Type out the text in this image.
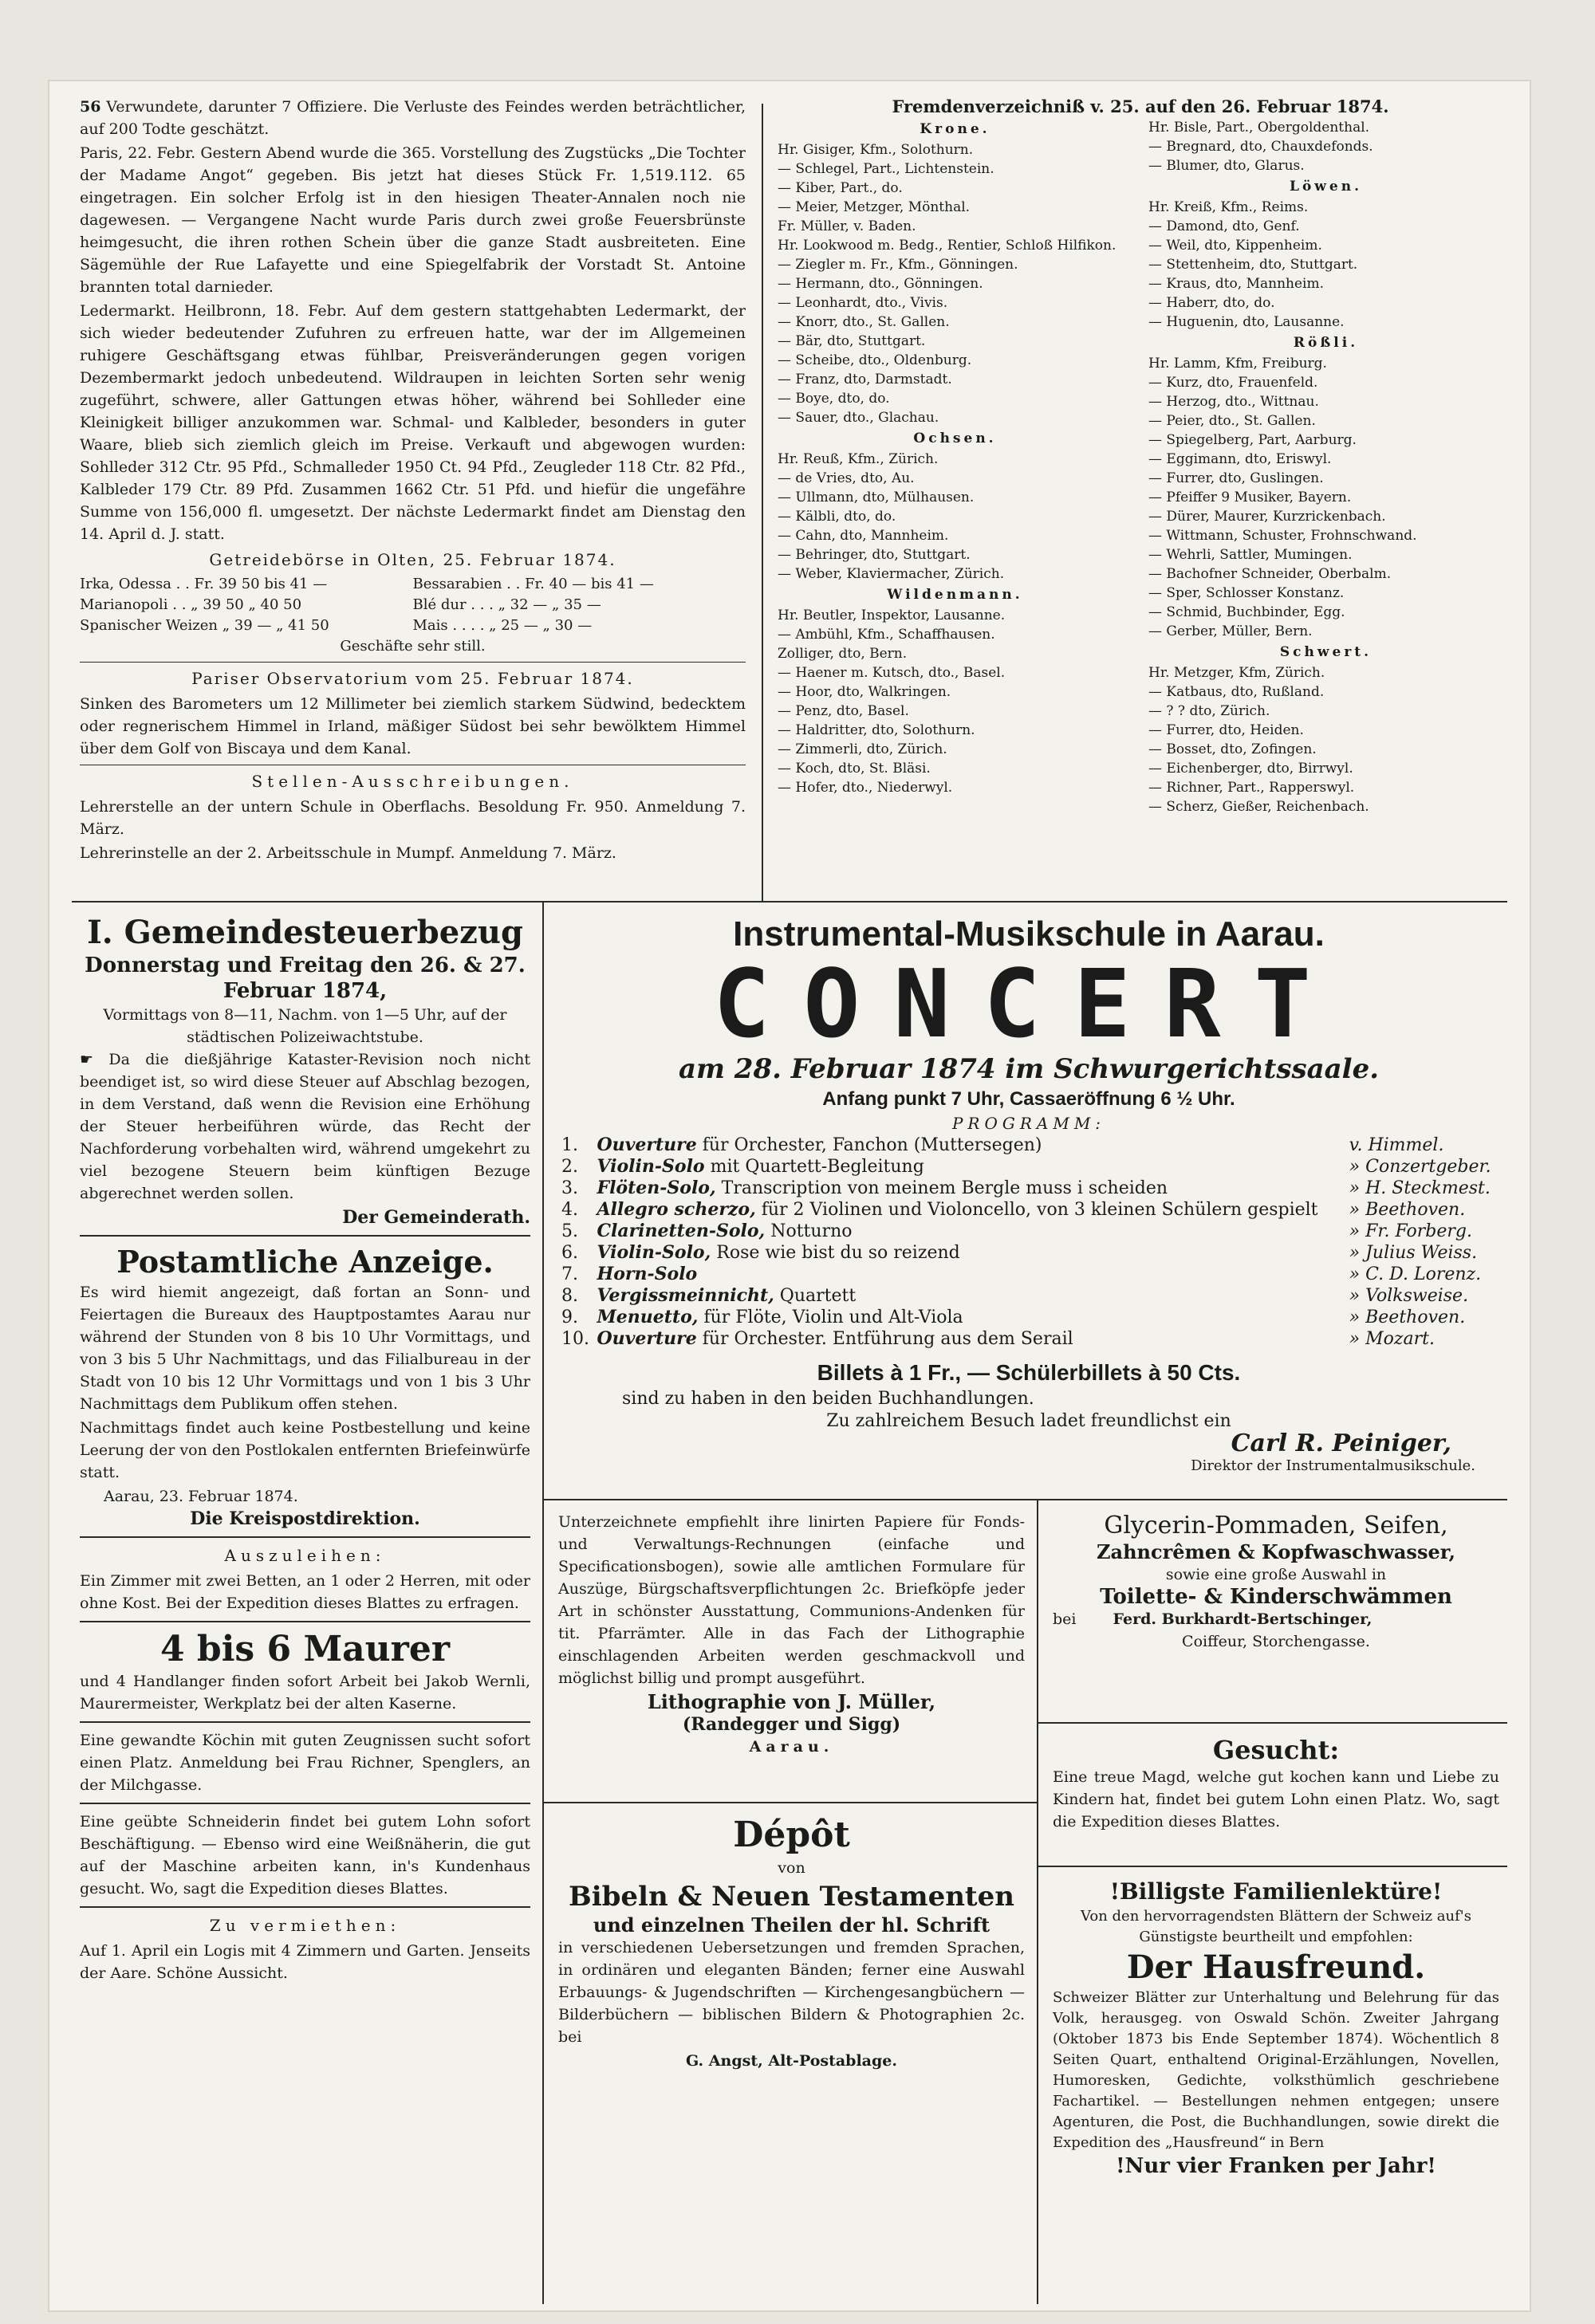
56 Verwundete, darunter 7 Offiziere. Die Verluste des Feindes werden beträchtlicher, auf 200 Todte geschätzt.

Paris, 22. Febr. Gestern Abend wurde die 365. Vorstellung des Zugstücks „Die Tochter der Madame Angot“ gegeben. Bis jetzt hat dieses Stück Fr. 1,519.112. 65 eingetragen. Ein solcher Erfolg ist in den hiesigen Theater-Annalen noch nie dagewesen. — Vergangene Nacht wurde Paris durch zwei große Feuersbrünste heimgesucht, die ihren rothen Schein über die ganze Stadt ausbreiteten. Eine Sägemühle der Rue Lafayette und eine Spiegelfabrik der Vorstadt St. Antoine brannten total darnieder.

Ledermarkt. Heilbronn, 18. Febr. Auf dem gestern stattgehabten Ledermarkt, der sich wieder bedeutender Zufuhren zu erfreuen hatte, war der im Allgemeinen ruhigere Geschäftsgang etwas fühlbar, Preisveränderungen gegen vorigen Dezembermarkt jedoch unbedeutend. Wildraupen in leichten Sorten sehr wenig zugeführt, schwere, aller Gattungen etwas höher, während bei Sohlleder eine Kleinigkeit billiger anzukommen war. Schmal- und Kalbleder, besonders in guter Waare, blieb sich ziemlich gleich im Preise. Verkauft und abgewogen wurden: Sohlleder 312 Ctr. 95 Pfd., Schmalleder 1950 Ct. 94 Pfd., Zeugleder 118 Ctr. 82 Pfd., Kalbleder 179 Ctr. 89 Pfd. Zusammen 1662 Ctr. 51 Pfd. und hiefür die ungefähre Summe von 156,000 fl. umgesetzt. Der nächste Ledermarkt findet am Dienstag den 14. April d. J. statt.

Getreidebörse in Olten, 25. Februar 1874.
Irka, Odessa . . Fr. 39 50 bis 41 —	Bessarabien . . Fr. 40 — bis 41 —
Marianopoli . . „ 39 50 „ 40 50	Blé dur . . . „ 32 — „ 35 —
Spanischer Weizen „ 39 — „ 41 50	Mais . . . . „ 25 — „ 30 —
Geschäfte sehr still.
Pariser Observatorium vom 25. Februar 1874.

Sinken des Barometers um 12 Millimeter bei ziemlich starkem Südwind, bedecktem oder regnerischem Himmel in Irland, mäßiger Südost bei sehr bewölktem Himmel über dem Golf von Biscaya und dem Kanal.

Stellen-Ausschreibungen.

Lehrerstelle an der untern Schule in Oberflachs. Besoldung Fr. 950. Anmeldung 7. März.

Lehrerinstelle an der 2. Arbeitsschule in Mumpf. Anmeldung 7. März.

Fremdenverzeichniß v. 25. auf den 26. Februar 1874.
Krone.
Hr. Gisiger, Kfm., Solothurn.
— Schlegel, Part., Lichtenstein.
— Kiber, Part., do.
— Meier, Metzger, Mönthal.
Fr. Müller, v. Baden.
Hr. Lookwood m. Bedg., Rentier, Schloß Hilfikon.
— Ziegler m. Fr., Kfm., Gönningen.
— Hermann, dto., Gönningen.
— Leonhardt, dto., Vivis.
— Knorr, dto., St. Gallen.
— Bär, dto, Stuttgart.
— Scheibe, dto., Oldenburg.
— Franz, dto, Darmstadt.
— Boye, dto, do.
— Sauer, dto., Glachau.
Ochsen.
Hr. Reuß, Kfm., Zürich.
— de Vries, dto, Au.
— Ullmann, dto, Mülhausen.
— Kälbli, dto, do.
— Cahn, dto, Mannheim.
— Behringer, dto, Stuttgart.
— Weber, Klaviermacher, Zürich.
Wildenmann.
Hr. Beutler, Inspektor, Lausanne.
— Ambühl, Kfm., Schaffhausen.
Zolliger, dto, Bern.
— Haener m. Kutsch, dto., Basel.
— Hoor, dto, Walkringen.
— Penz, dto, Basel.
— Haldritter, dto, Solothurn.
— Zimmerli, dto, Zürich.
— Koch, dto, St. Bläsi.
— Hofer, dto., Niederwyl.
Hr. Bisle, Part., Obergoldenthal.
— Bregnard, dto, Chauxdefonds.
— Blumer, dto, Glarus.
Löwen.
Hr. Kreiß, Kfm., Reims.
— Damond, dto, Genf.
— Weil, dto, Kippenheim.
— Stettenheim, dto, Stuttgart.
— Kraus, dto, Mannheim.
— Haberr, dto, do.
— Huguenin, dto, Lausanne.
Rößli.
Hr. Lamm, Kfm, Freiburg.
— Kurz, dto, Frauenfeld.
— Herzog, dto., Wittnau.
— Peier, dto., St. Gallen.
— Spiegelberg, Part, Aarburg.
— Eggimann, dto, Eriswyl.
— Furrer, dto, Guslingen.
— Pfeiffer 9 Musiker, Bayern.
— Dürer, Maurer, Kurzrickenbach.
— Wittmann, Schuster, Frohnschwand.
— Wehrli, Sattler, Mumingen.
— Bachofner Schneider, Oberbalm.
— Sper, Schlosser Konstanz.
— Schmid, Buchbinder, Egg.
— Gerber, Müller, Bern.
Schwert.
Hr. Metzger, Kfm, Zürich.
— Katbaus, dto, Rußland.
— ? ? dto, Zürich.
— Furrer, dto, Heiden.
— Bosset, dto, Zofingen.
— Eichenberger, dto, Birrwyl.
— Richner, Part., Rapperswyl.
— Scherz, Gießer, Reichenbach.
I. Gemeindesteuerbezug
Donnerstag und Freitag den 26. & 27. Februar 1874,
Vormittags von 8—11, Nachm. von 1—5 Uhr, auf der städtischen Polizeiwachtstube.

☛ Da die dießjährige Kataster-Revision noch nicht beendiget ist, so wird diese Steuer auf Abschlag bezogen, in dem Verstand, daß wenn die Revision eine Erhöhung der Steuer herbeiführen würde, das Recht der Nachforderung vorbehalten wird, während umgekehrt zu viel bezogene Steuern beim künftigen Bezuge abgerechnet werden sollen.

Der Gemeinderath.
Postamtliche Anzeige.

Es wird hiemit angezeigt, daß fortan an Sonn- und Feiertagen die Bureaux des Hauptpostamtes Aarau nur während der Stunden von 8 bis 10 Uhr Vormittags, und von 3 bis 5 Uhr Nachmittags, und das Filialbureau in der Stadt von 10 bis 12 Uhr Vormittags und von 1 bis 3 Uhr Nachmittags dem Publikum offen stehen.

Nachmittags findet auch keine Postbestellung und keine Leerung der von den Postlokalen entfernten Briefeinwürfe statt.

Aarau, 23. Februar 1874.
Die Kreispostdirektion.
Auszuleihen:

Ein Zimmer mit zwei Betten, an 1 oder 2 Herren, mit oder ohne Kost. Bei der Expedition dieses Blattes zu erfragen.

4 bis 6 Maurer

und 4 Handlanger finden sofort Arbeit bei Jakob Wernli, Maurermeister, Werkplatz bei der alten Kaserne.

Eine gewandte Köchin mit guten Zeugnissen sucht sofort einen Platz. Anmeldung bei Frau Richner, Spenglers, an der Milchgasse.

Eine geübte Schneiderin findet bei gutem Lohn sofort Beschäftigung. — Ebenso wird eine Weißnäherin, die gut auf der Maschine arbeiten kann, in's Kundenhaus gesucht. Wo, sagt die Expedition dieses Blattes.

Zu vermiethen:

Auf 1. April ein Logis mit 4 Zimmern und Garten. Jenseits der Aare. Schöne Aussicht.

Instrumental-Musikschule in Aarau.
CONCERT
am 28. Februar 1874 im Schwurgerichtssaale.
Anfang punkt 7 Uhr, Cassaeröffnung 6 ½ Uhr.
PROGRAMM:
1.	Ouverture für Orchester, Fanchon (Muttersegen)	v. Himmel.
2.	Violin-Solo mit Quartett-Begleitung	» Conzertgeber.
3.	Flöten-Solo, Transcription von meinem Bergle muss i scheiden	» H. Steckmest.
4.	Allegro scherzo, für 2 Violinen und Violoncello, von 3 kleinen Schülern gespielt	» Beethoven.
5.	Clarinetten-Solo, Notturno	» Fr. Forberg.
6.	Violin-Solo, Rose wie bist du so reizend	» Julius Weiss.
7.	Horn-Solo	» C. D. Lorenz.
8.	Vergissmeinnicht, Quartett	» Volksweise.
9.	Menuetto, für Flöte, Violin und Alt-Viola	» Beethoven.
10.	Ouverture für Orchester. Entführung aus dem Serail	» Mozart.
Billets à 1 Fr., — Schülerbillets à 50 Cts.
sind zu haben in den beiden Buchhandlungen.
Zu zahlreichem Besuch ladet freundlichst ein
Carl R. Peiniger,
Direktor der Instrumentalmusikschule.

Unterzeichnete empfiehlt ihre linirten Papiere für Fonds- und Verwaltungs-Rechnungen (einfache und Specificationsbogen), sowie alle amtlichen Formulare für Auszüge, Bürgschaftsverpflichtungen 2c. Briefköpfe jeder Art in schönster Ausstattung, Communions-Andenken für tit. Pfarrämter. Alle in das Fach der Lithographie einschlagenden Arbeiten werden geschmackvoll und möglichst billig und prompt ausgeführt.

Lithographie von J. Müller,
(Randegger und Sigg)
Aarau.
Dépôt
von
Bibeln & Neuen Testamenten
und einzelnen Theilen der hl. Schrift

in verschiedenen Uebersetzungen und fremden Sprachen, in ordinären und eleganten Bänden; ferner eine Auswahl Erbauungs- & Jugendschriften — Kirchengesangbüchern — Bilderbüchern — biblischen Bildern & Photographien 2c. bei

G. Angst, Alt-Postablage.
Glycerin-Pommaden, Seifen,
Zahncrêmen & Kopfwaschwasser,
sowie eine große Auswahl in
Toilette- & Kinderschwämmen
bei Ferd. Burkhardt-Bertschinger,
Coiffeur, Storchengasse.
Gesucht:

Eine treue Magd, welche gut kochen kann und Liebe zu Kindern hat, findet bei gutem Lohn einen Platz. Wo, sagt die Expedition dieses Blattes.

!Billigste Familienlektüre!
Von den hervorragendsten Blättern der Schweiz auf's Günstigste beurtheilt und empfohlen:
Der Hausfreund.

Schweizer Blätter zur Unterhaltung und Belehrung für das Volk, herausgeg. von Oswald Schön. Zweiter Jahrgang (Oktober 1873 bis Ende September 1874). Wöchentlich 8 Seiten Quart, enthaltend Original-Erzählungen, Novellen, Humoresken, Gedichte, volksthümlich geschriebene Fachartikel. — Bestellungen nehmen entgegen; unsere Agenturen, die Post, die Buchhandlungen, sowie direkt die Expedition des „Hausfreund“ in Bern

!Nur vier Franken per Jahr!
